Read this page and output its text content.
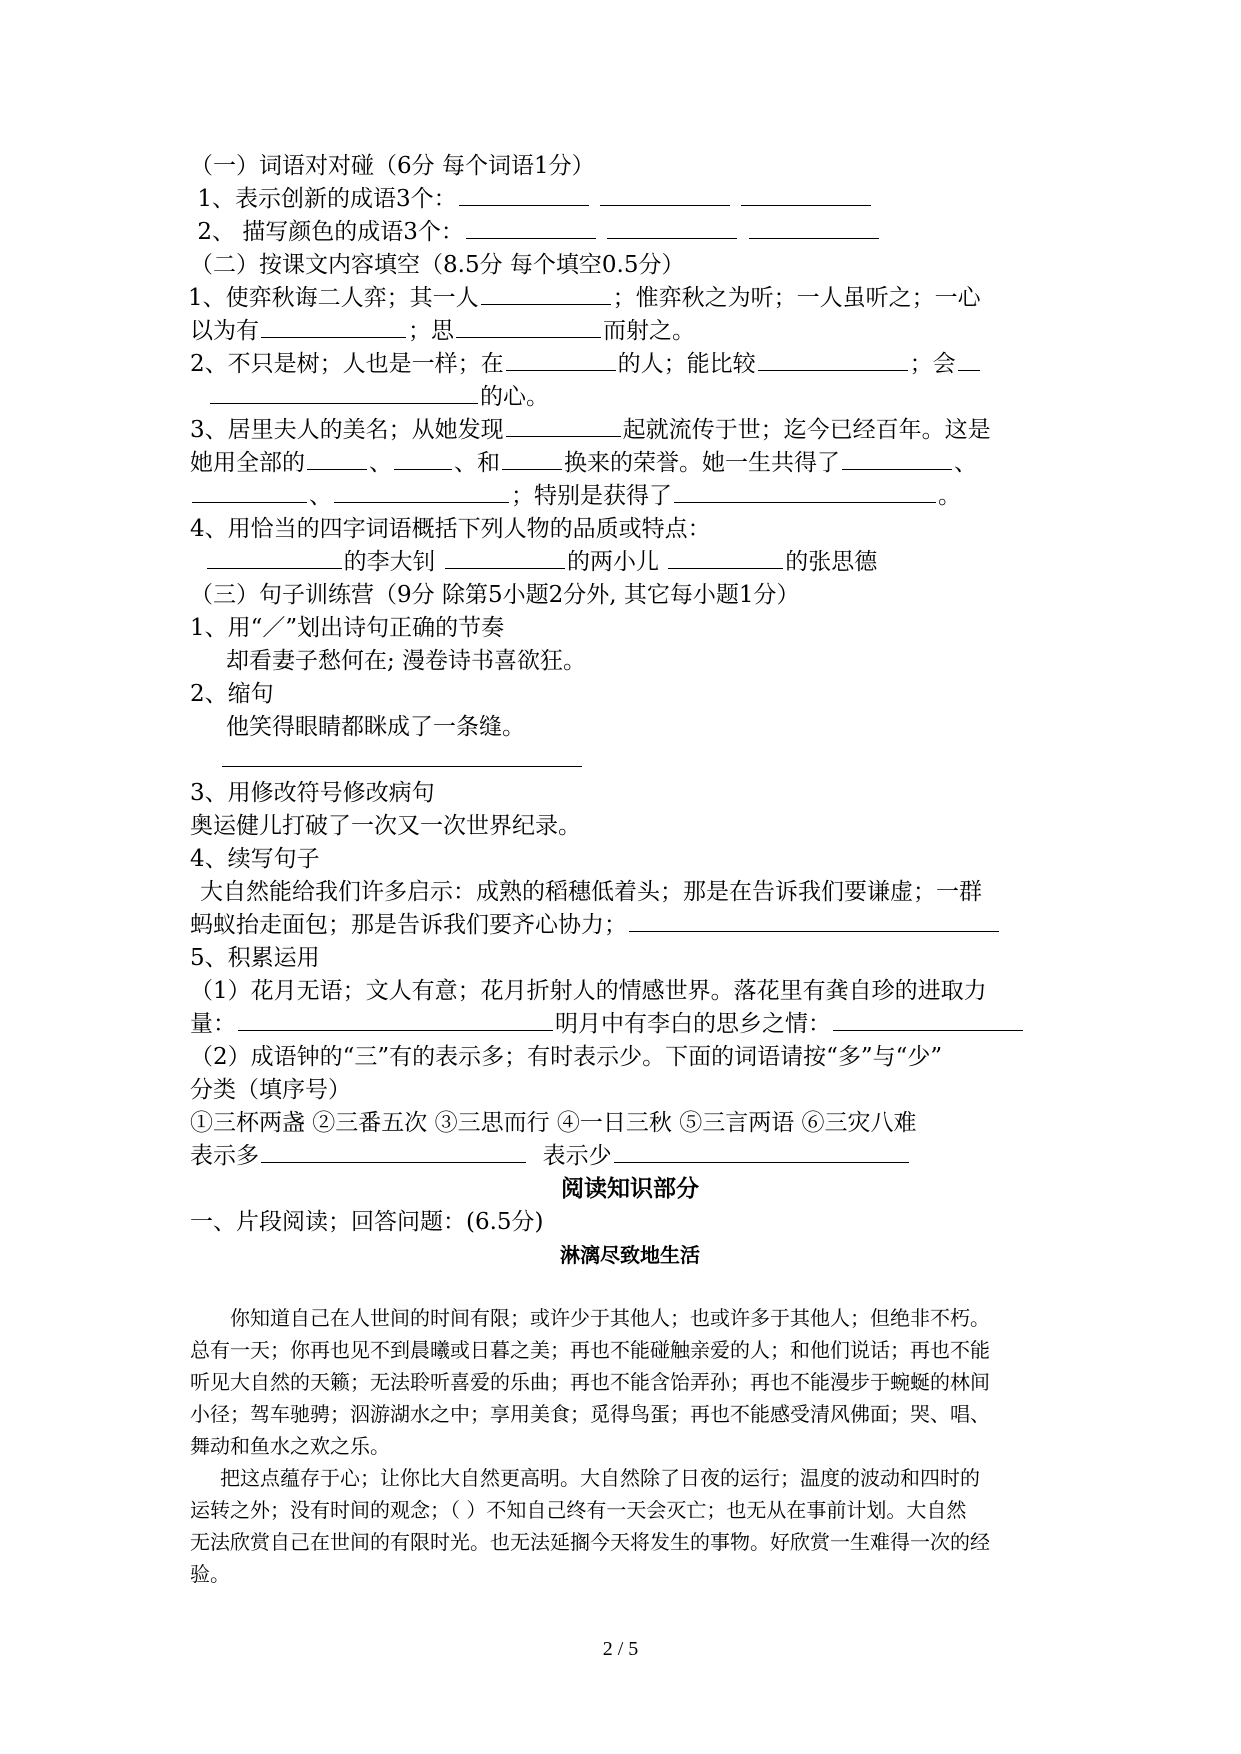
（一）词语对对碰（6分 每个词语1分）
1、表示创新的成语3个：
2、 描写颜色的成语3个：
（二）按课文内容填空（8.5分 每个填空0.5分）
1、使弈秋诲二人弈；其一人	；惟弈秋之为听；一人虽听之；一心
以为有	；思	而射之。
2、不只是树；人也是一样；在	的人；能比较	；会
的心。
3、居里夫人的美名；从她发现	起就流传于世；迄今已经百年。这是
她用全部的	、	、和	换来的荣誉。她一生共得了	、
、	；特别是获得了	。
4、用恰当的四字词语概括下列人物的品质或特点：
的李大钊	的两小儿	的张思德
（三）句子训练营（9分 除第5小题2分外, 其它每小题1分）
1、用“／”划出诗句正确的节奏
却看妻子愁何在; 漫卷诗书喜欲狂。
2、缩句
他笑得眼睛都眯成了一条缝。
3、用修改符号修改病句
奥运健儿打破了一次又一次世界纪录。
4、续写句子
大自然能给我们许多启示：成熟的稻穗低着头；那是在告诉我们要谦虚；一群
蚂蚁抬走面包；那是告诉我们要齐心协力；
5、积累运用
（1）花月无语；文人有意；花月折射人的情感世界。落花里有龚自珍的进取力
量：	明月中有李白的思乡之情：
（2）成语钟的“三”有的表示多；有时表示少。下面的词语请按“多”与“少”
分类（填序号）
①三杯两盏 ②三番五次 ③三思而行 ④一日三秋 ⑤三言两语 ⑥三灾八难
表示多	表示少
阅读知识部分
一、片段阅读；回答问题：(6.5分)
淋漓尽致地生活
你知道自己在人世间的时间有限；或许少于其他人；也或许多于其他人；但绝非不朽。
总有一天；你再也见不到晨曦或日暮之美；再也不能碰触亲爱的人；和他们说话；再也不能
听见大自然的天籁；无法聆听喜爱的乐曲；再也不能含饴弄孙；再也不能漫步于蜿蜒的林间
小径；驾车驰骋；泅游湖水之中；享用美食；觅得鸟蛋；再也不能感受清风佛面；哭、唱、
舞动和鱼水之欢之乐。
把这点蕴存于心；让你比大自然更高明。大自然除了日夜的运行；温度的波动和四时的
运转之外；没有时间的观念；（ ）不知自己终有一天会灭亡；也无从在事前计划。大自然
无法欣赏自己在世间的有限时光。也无法延搁今天将发生的事物。好欣赏一生难得一次的经
验。
2 / 5
